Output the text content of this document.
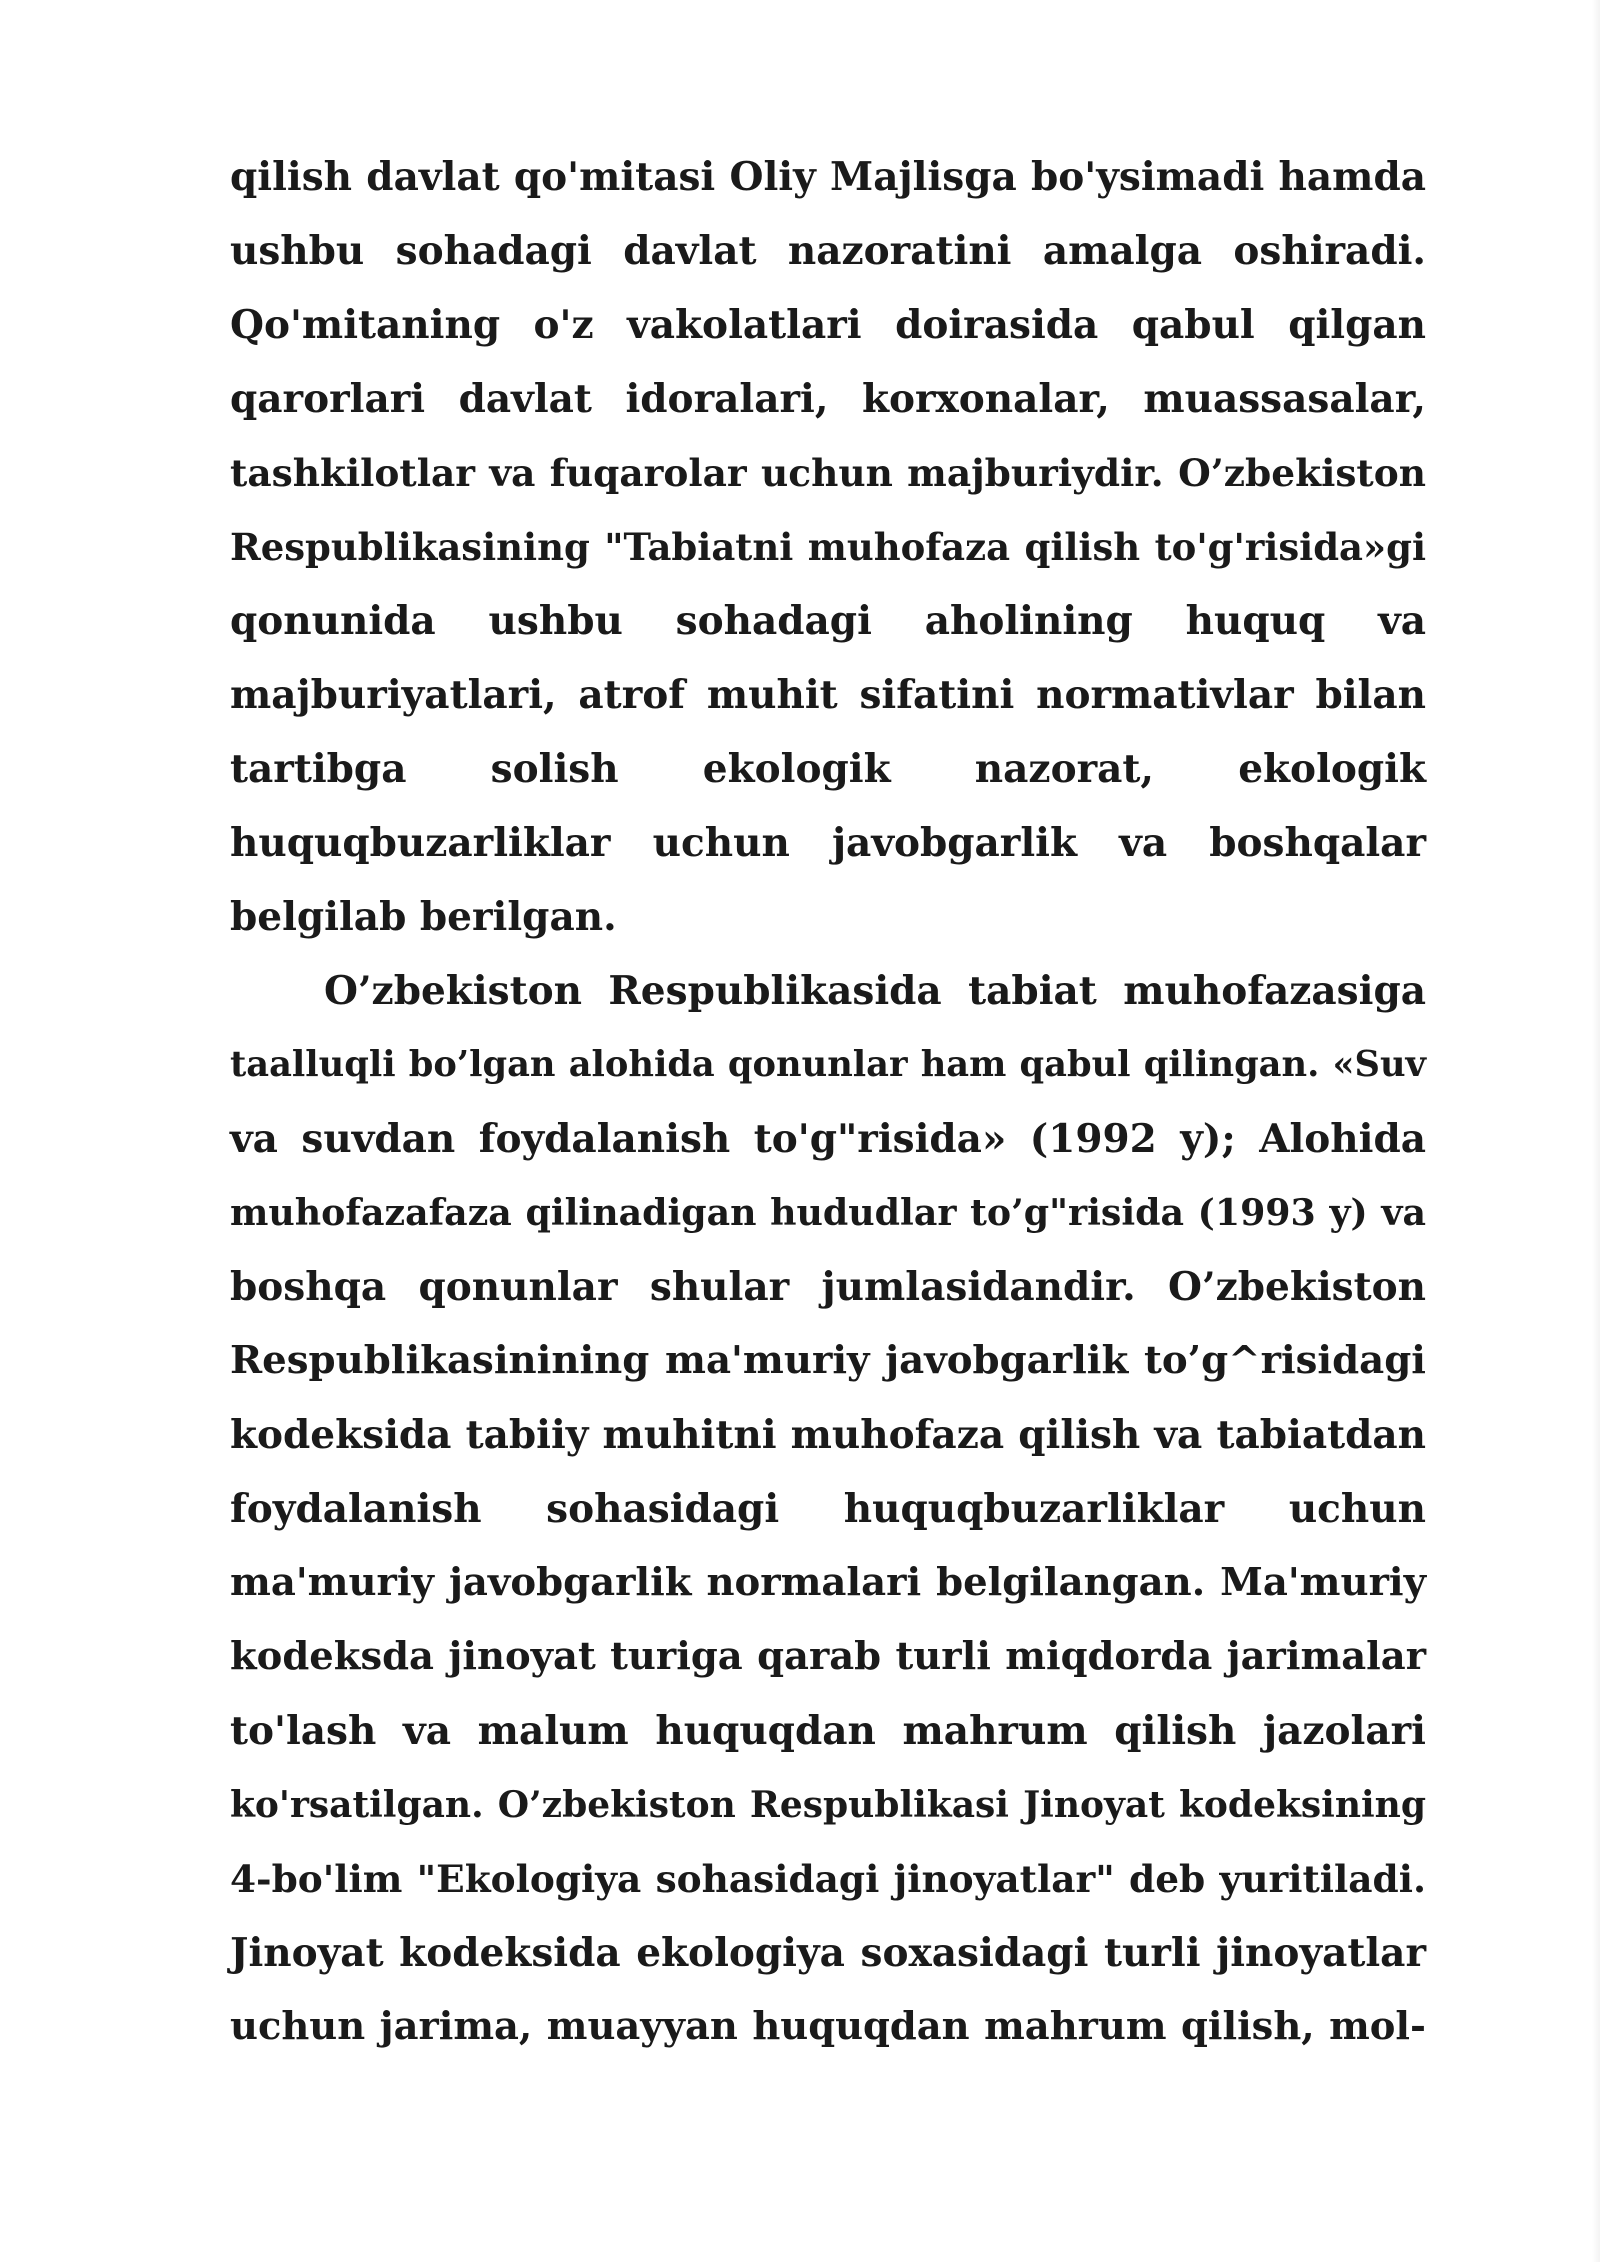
qilish davlat qo'mitasi Oliy Majlisga bo'ysimadi hamda
ushbu sohadagi davlat nazoratini amalga oshiradi.
Qo'mitaning o'z vakolatlari doirasida qabul qilgan
qarorlari davlat idoralari, korxonalar, muassasalar,
tashkilotlar va fuqarolar uchun majburiydir. O’zbekiston
Respublikasining "Tabiatni muhofaza qilish to'g'risida»gi
qonunida ushbu sohadagi aholining huquq va
majburiyatlari, atrof muhit sifatini normativlar bilan
tartibga solish ekologik nazorat, ekologik
huquqbuzarliklar uchun javobgarlik va boshqalar
belgilab berilgan.
O’zbekiston Respublikasida tabiat muhofazasiga
taalluqli bo’lgan alohida qonunlar ham qabul qilingan. «Suv
va suvdan foydalanish to'g"risida» (1992 y); Alohida
muhofazafaza qilinadigan hududlar to’g"risida (1993 y) va
boshqa qonunlar shular jumlasidandir. O’zbekiston
Respublikasinining ma'muriy javobgarlik to’g^risidagi
kodeksida tabiiy muhitni muhofaza qilish va tabiatdan
foydalanish sohasidagi huquqbuzarliklar uchun
ma'muriy javobgarlik normalari belgilangan. Ma'muriy
kodeksda jinoyat turiga qarab turli miqdorda jarimalar
to'lash va malum huquqdan mahrum qilish jazolari
ko'rsatilgan. O’zbekiston Respublikasi Jinoyat kodeksining
4-bo'lim "Ekologiya sohasidagi jinoyatlar" deb yuritiladi.
Jinoyat kodeksida ekologiya soxasidagi turli jinoyatlar
uchun jarima, muayyan huquqdan mahrum qilish, mol-
